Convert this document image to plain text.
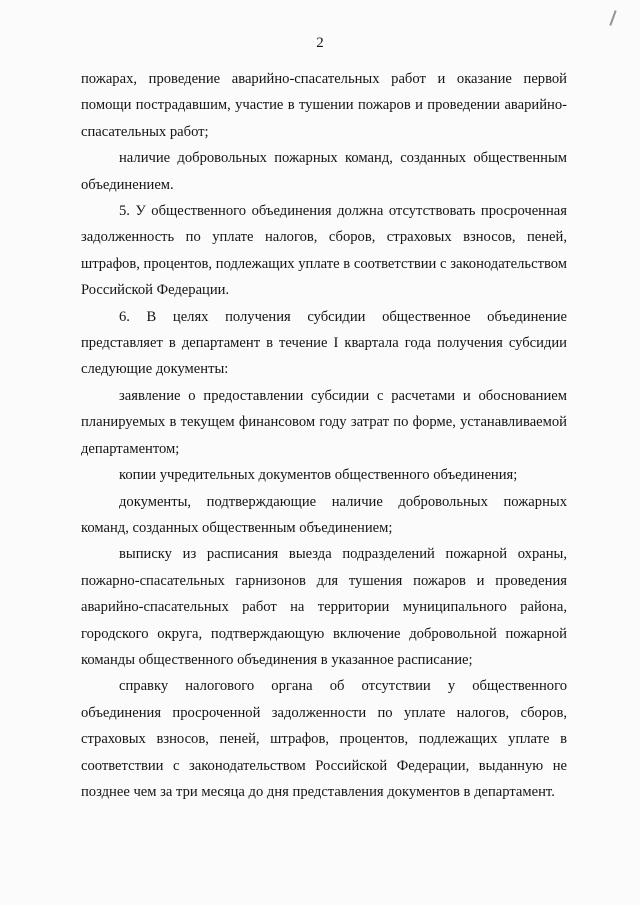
2

пожарах, проведение аварийно-спасательных работ и оказание первой помощи пострадавшим, участие в тушении пожаров и проведении аварийно-спасательных работ;

наличие добровольных пожарных команд, созданных общественным объединением.

5. У общественного объединения должна отсутствовать просроченная задолженность по уплате налогов, сборов, страховых взносов, пеней, штрафов, процентов, подлежащих уплате в соответствии с законодательством Российской Федерации.

6. В целях получения субсидии общественное объединение представляет в департамент в течение I квартала года получения субсидии следующие документы:

заявление о предоставлении субсидии с расчетами и обоснованием планируемых в текущем финансовом году затрат по форме, устанавливаемой департаментом;

копии учредительных документов общественного объединения;

документы, подтверждающие наличие добровольных пожарных команд, созданных общественным объединением;

выписку из расписания выезда подразделений пожарной охраны, пожарно-спасательных гарнизонов для тушения пожаров и проведения аварийно-спасательных работ на территории муниципального района, городского округа, подтверждающую включение добровольной пожарной команды общественного объединения в указанное расписание;

справку налогового органа об отсутствии у общественного объединения просроченной задолженности по уплате налогов, сборов, страховых взносов, пеней, штрафов, процентов, подлежащих уплате в соответствии с законодательством Российской Федерации, выданную не позднее чем за три месяца до дня представления документов в департамент.
